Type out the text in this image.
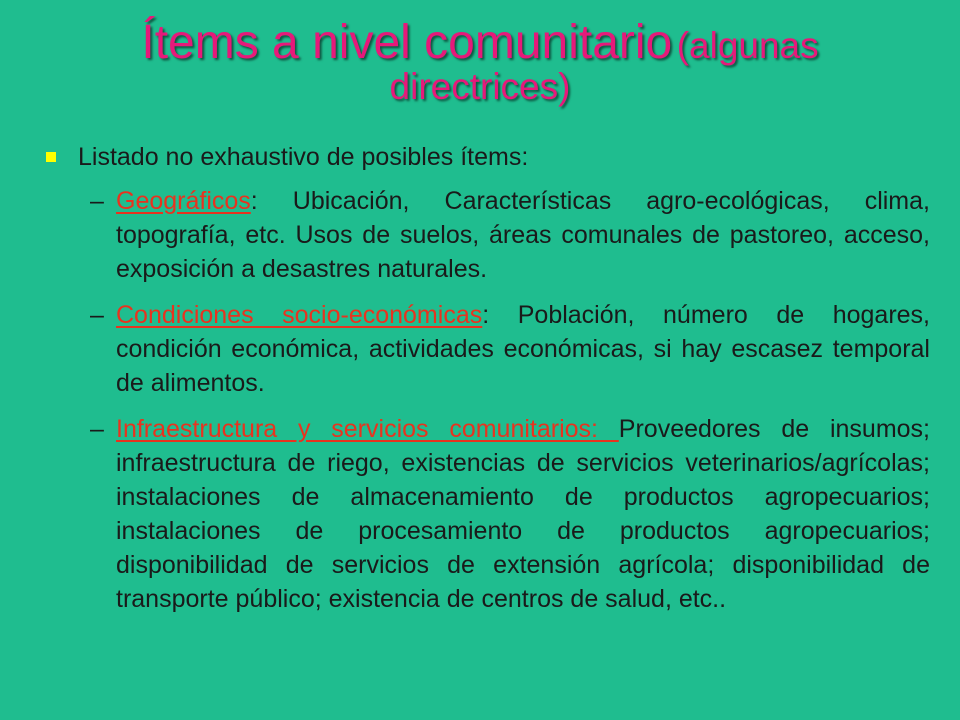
Ítems a nivel comunitario (algunas
directrices)
Listado no exhaustivo de posibles ítems:
– Geográficos: Ubicación, Características agro-ecológicas, clima, topografía, etc. Usos de suelos, áreas comunales de pastoreo, acceso, exposición a desastres naturales.
– Condiciones socio-económicas: Población, número de hogares, condición económica, actividades económicas, si hay escasez temporal de alimentos.
– Infraestructura y servicios comunitarios: Proveedores de insumos; infraestructura de riego, existencias de servicios veterinarios/agrícolas; instalaciones de almacenamiento de productos agropecuarios; instalaciones de procesamiento de productos agropecuarios; disponibilidad de servicios de extensión agrícola; disponibilidad de transporte público; existencia de centros de salud, etc..
